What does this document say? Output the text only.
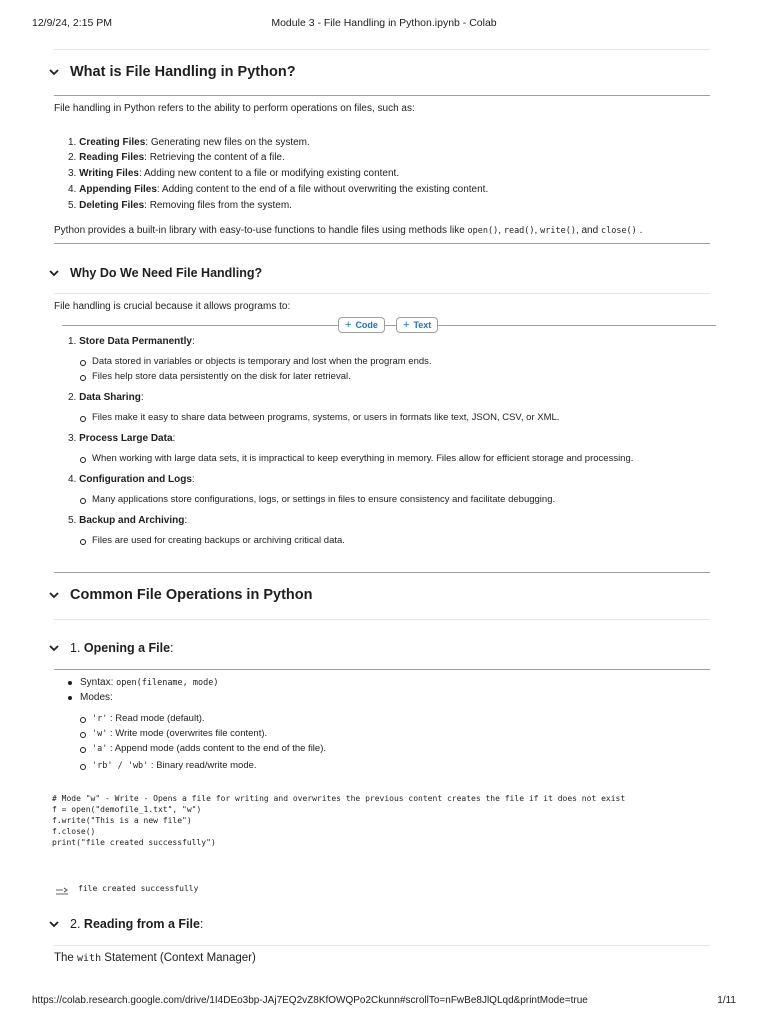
12/9/24, 2:15 PM	Module 3 - File Handling in Python.ipynb - Colab
What is File Handling in Python?
File handling in Python refers to the ability to perform operations on files, such as:
1. Creating Files: Generating new files on the system.
2. Reading Files: Retrieving the content of a file.
3. Writing Files: Adding new content to a file or modifying existing content.
4. Appending Files: Adding content to the end of a file without overwriting the existing content.
5. Deleting Files: Removing files from the system.
Python provides a built-in library with easy-to-use functions to handle files using methods like open(), read(), write(), and close() .
Why Do We Need File Handling?
File handling is crucial because it allows programs to:
+ Code + Text
1. Store Data Permanently:
Data stored in variables or objects is temporary and lost when the program ends.
Files help store data persistently on the disk for later retrieval.
2. Data Sharing:
Files make it easy to share data between programs, systems, or users in formats like text, JSON, CSV, or XML.
3. Process Large Data:
When working with large data sets, it is impractical to keep everything in memory. Files allow for efficient storage and processing.
4. Configuration and Logs:
Many applications store configurations, logs, or settings in files to ensure consistency and facilitate debugging.
5. Backup and Archiving:
Files are used for creating backups or archiving critical data.
Common File Operations in Python
1. Opening a File:
Syntax: open(filename, mode)
Modes:
'r' : Read mode (default).
'w' : Write mode (overwrites file content).
'a' : Append mode (adds content to the end of the file).
'rb' / 'wb' : Binary read/write mode.
# Mode "w" - Write - Opens a file for writing and overwrites the previous content creates the file if it does not exist
f = open("demofile_1.txt", "w")
f.write("This is a new file")
f.close()
print("file created successfully")
file created successfully
2. Reading from a File:
The with Statement (Context Manager)
https://colab.research.google.com/drive/1I4DEo3bp-JAj7EQ2vZ8KfOWQPo2Ckunn#scrollTo=nFwBe8JlQLqd&printMode=true	1/11
